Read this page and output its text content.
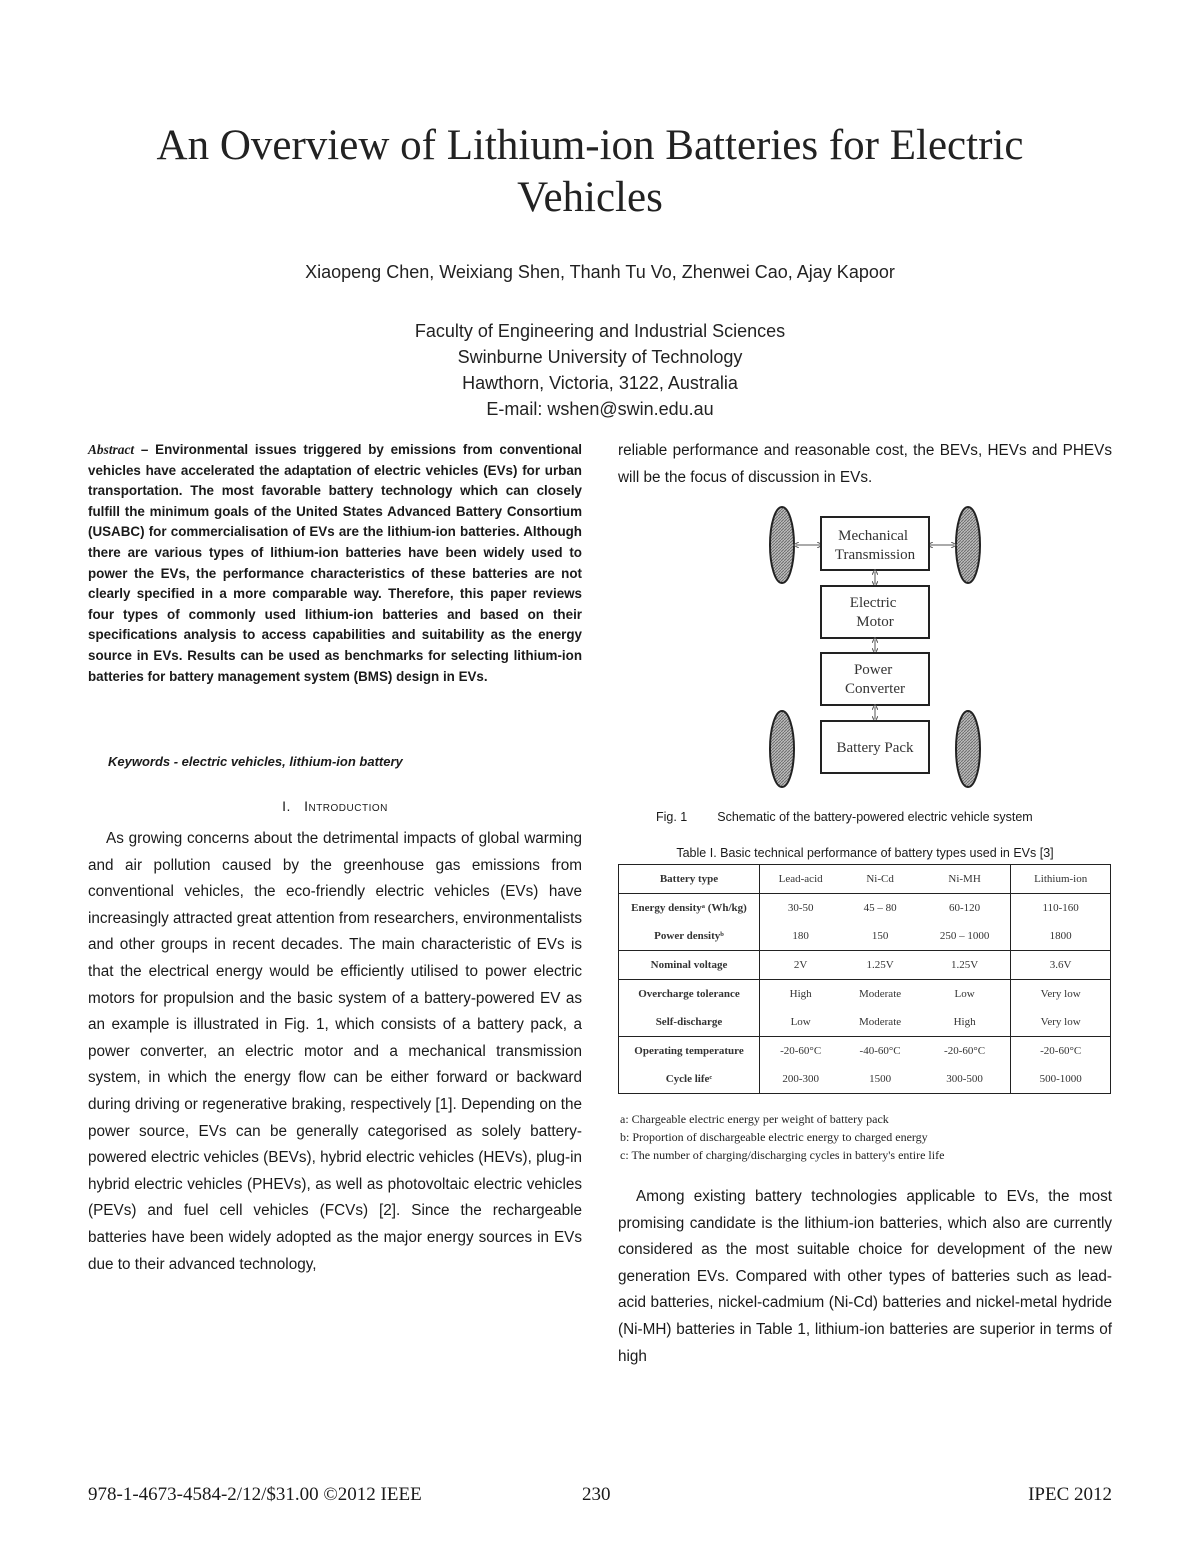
An Overview of Lithium-ion Batteries for Electric Vehicles
Xiaopeng Chen, Weixiang Shen, Thanh Tu Vo, Zhenwei Cao, Ajay Kapoor
Faculty of Engineering and Industrial Sciences
Swinburne University of Technology
Hawthorn, Victoria, 3122, Australia
E-mail: wshen@swin.edu.au
Abstract – Environmental issues triggered by emissions from conventional vehicles have accelerated the adaptation of electric vehicles (EVs) for urban transportation. The most favorable battery technology which can closely fulfill the minimum goals of the United States Advanced Battery Consortium (USABC) for commercialisation of EVs are the lithium-ion batteries. Although there are various types of lithium-ion batteries have been widely used to power the EVs, the performance characteristics of these batteries are not clearly specified in a more comparable way. Therefore, this paper reviews four types of commonly used lithium-ion batteries and based on their specifications analysis to access capabilities and suitability as the energy source in EVs. Results can be used as benchmarks for selecting lithium-ion batteries for battery management system (BMS) design in EVs.
Keywords - electric vehicles, lithium-ion battery
I. Introduction

As growing concerns about the detrimental impacts of global warming and air pollution caused by the greenhouse gas emissions from conventional vehicles, the eco-friendly electric vehicles (EVs) have increasingly attracted great attention from researchers, environmentalists and other groups in recent decades. The main characteristic of EVs is that the electrical energy would be efficiently utilised to power electric motors for propulsion and the basic system of a battery-powered EV as an example is illustrated in Fig. 1, which consists of a battery pack, a power converter, an electric motor and a mechanical transmission system, in which the energy flow can be either forward or backward during driving or regenerative braking, respectively [1]. Depending on the power source, EVs can be generally categorised as solely battery-powered electric vehicles (BEVs), hybrid electric vehicles (HEVs), plug-in hybrid electric vehicles (PHEVs), as well as photovoltaic electric vehicles (PEVs) and fuel cell vehicles (FCVs) [2]. Since the rechargeable batteries have been widely adopted as the major energy sources in EVs due to their advanced technology,

reliable performance and reasonable cost, the BEVs, HEVs and PHEVs will be the focus of discussion in EVs.

Mechanical Transmission
Electric Motor
Power Converter
Battery Pack
Fig. 1 Schematic of the battery-powered electric vehicle system
Table I. Basic technical performance of battery types used in EVs [3]
Battery type	Lead-acid	Ni-Cd	Ni-MH	Lithium-ion
Energy densityᵃ (Wh/kg)	30-50	45 – 80	60-120	110-160
Power densityᵇ	180	150	250 – 1000	1800
Nominal voltage	2V	1.25V	1.25V	3.6V
Overcharge tolerance	High	Moderate	Low	Very low
Self-discharge	Low	Moderate	High	Very low
Operating temperature	-20-60°C	-40-60°C	-20-60°C	-20-60°C
Cycle lifeᶜ	200-300	1500	300-500	500-1000
a: Chargeable electric energy per weight of battery pack
b: Proportion of dischargeable electric energy to charged energy
c: The number of charging/discharging cycles in battery's entire life

Among existing battery technologies applicable to EVs, the most promising candidate is the lithium-ion batteries, which also are currently considered as the most suitable choice for development of the new generation EVs. Compared with other types of batteries such as lead-acid batteries, nickel-cadmium (Ni-Cd) batteries and nickel-metal hydride (Ni-MH) batteries in Table 1, lithium-ion batteries are superior in terms of high

978-1-4673-4584-2/12/$31.00 ©2012 IEEE	230	IPEC 2012
